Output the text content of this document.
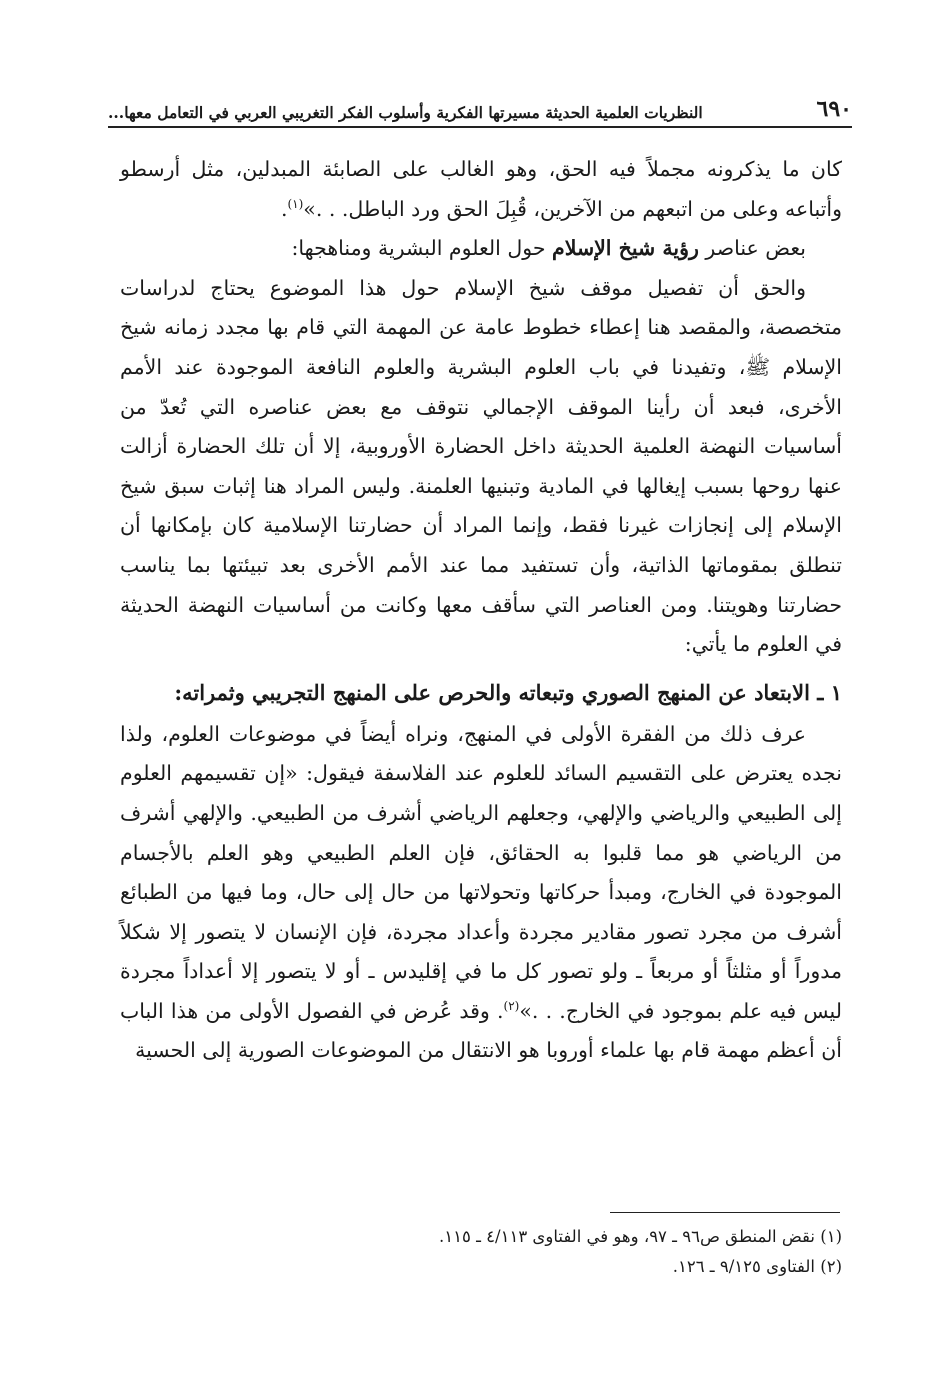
٦٩٠
النظريات العلمية الحديثة مسيرتها الفكرية وأسلوب الفكر التغريبي العربي في التعامل معها...

كان ما يذكرونه مجملاً فيه الحق، وهو الغالب على الصابئة المبدلين، مثل أرسطو وأتباعه وعلى من اتبعهم من الآخرين، قُبِلَ الحق ورد الباطل. . .»$^{(١)}$.

بعض عناصر رؤية شيخ الإسلام حول العلوم البشرية ومناهجها:

والحق أن تفصيل موقف شيخ الإسلام حول هذا الموضوع يحتاج لدراسات متخصصة، والمقصد هنا إعطاء خطوط عامة عن المهمة التي قام بها مجدد زمانه شيخ الإسلام ﷺ، وتفيدنا في باب العلوم البشرية والعلوم النافعة الموجودة عند الأمم الأخرى، فبعد أن رأينا الموقف الإجمالي نتوقف مع بعض عناصره التي تُعدّ من أساسيات النهضة العلمية الحديثة داخل الحضارة الأوروبية، إلا أن تلك الحضارة أزالت عنها روحها بسبب إيغالها في المادية وتبنيها العلمنة. وليس المراد هنا إثبات سبق شيخ الإسلام إلى إنجازات غيرنا فقط، وإنما المراد أن حضارتنا الإسلامية كان بإمكانها أن تنطلق بمقوماتها الذاتية، وأن تستفيد مما عند الأمم الأخرى بعد تبيئتها بما يناسب حضارتنا وهويتنا. ومن العناصر التي سأقف معها وكانت من أساسيات النهضة الحديثة في العلوم ما يأتي:

١ ـ الابتعاد عن المنهج الصوري وتبعاته والحرص على المنهج التجريبي وثمراته:

عرف ذلك من الفقرة الأولى في المنهج، ونراه أيضاً في موضوعات العلوم، ولذا نجده يعترض على التقسيم السائد للعلوم عند الفلاسفة فيقول: «إن تقسيمهم العلوم إلى الطبيعي والرياضي والإلهي، وجعلهم الرياضي أشرف من الطبيعي. والإلهي أشرف من الرياضي هو مما قلبوا به الحقائق، فإن العلم الطبيعي وهو العلم بالأجسام الموجودة في الخارج، ومبدأ حركاتها وتحولاتها من حال إلى حال، وما فيها من الطبائع أشرف من مجرد تصور مقادير مجردة وأعداد مجردة، فإن الإنسان لا يتصور إلا شكلاً مدوراً أو مثلثاً أو مربعاً ـ ولو تصور كل ما في إقليدس ـ أو لا يتصور إلا أعداداً مجردة ليس فيه علم بموجود في الخارج. . .»$^{(٢)}$. وقد عُرض في الفصول الأولى من هذا الباب أن أعظم مهمة قام بها علماء أوروبا هو الانتقال من الموضوعات الصورية إلى الحسية

(١) نقض المنطق ص٩٦ ـ ٩٧، وهو في الفتاوى ٤/١١٣ ـ ١١٥.

(٢) الفتاوى ٩/١٢٥ ـ ١٢٦.
